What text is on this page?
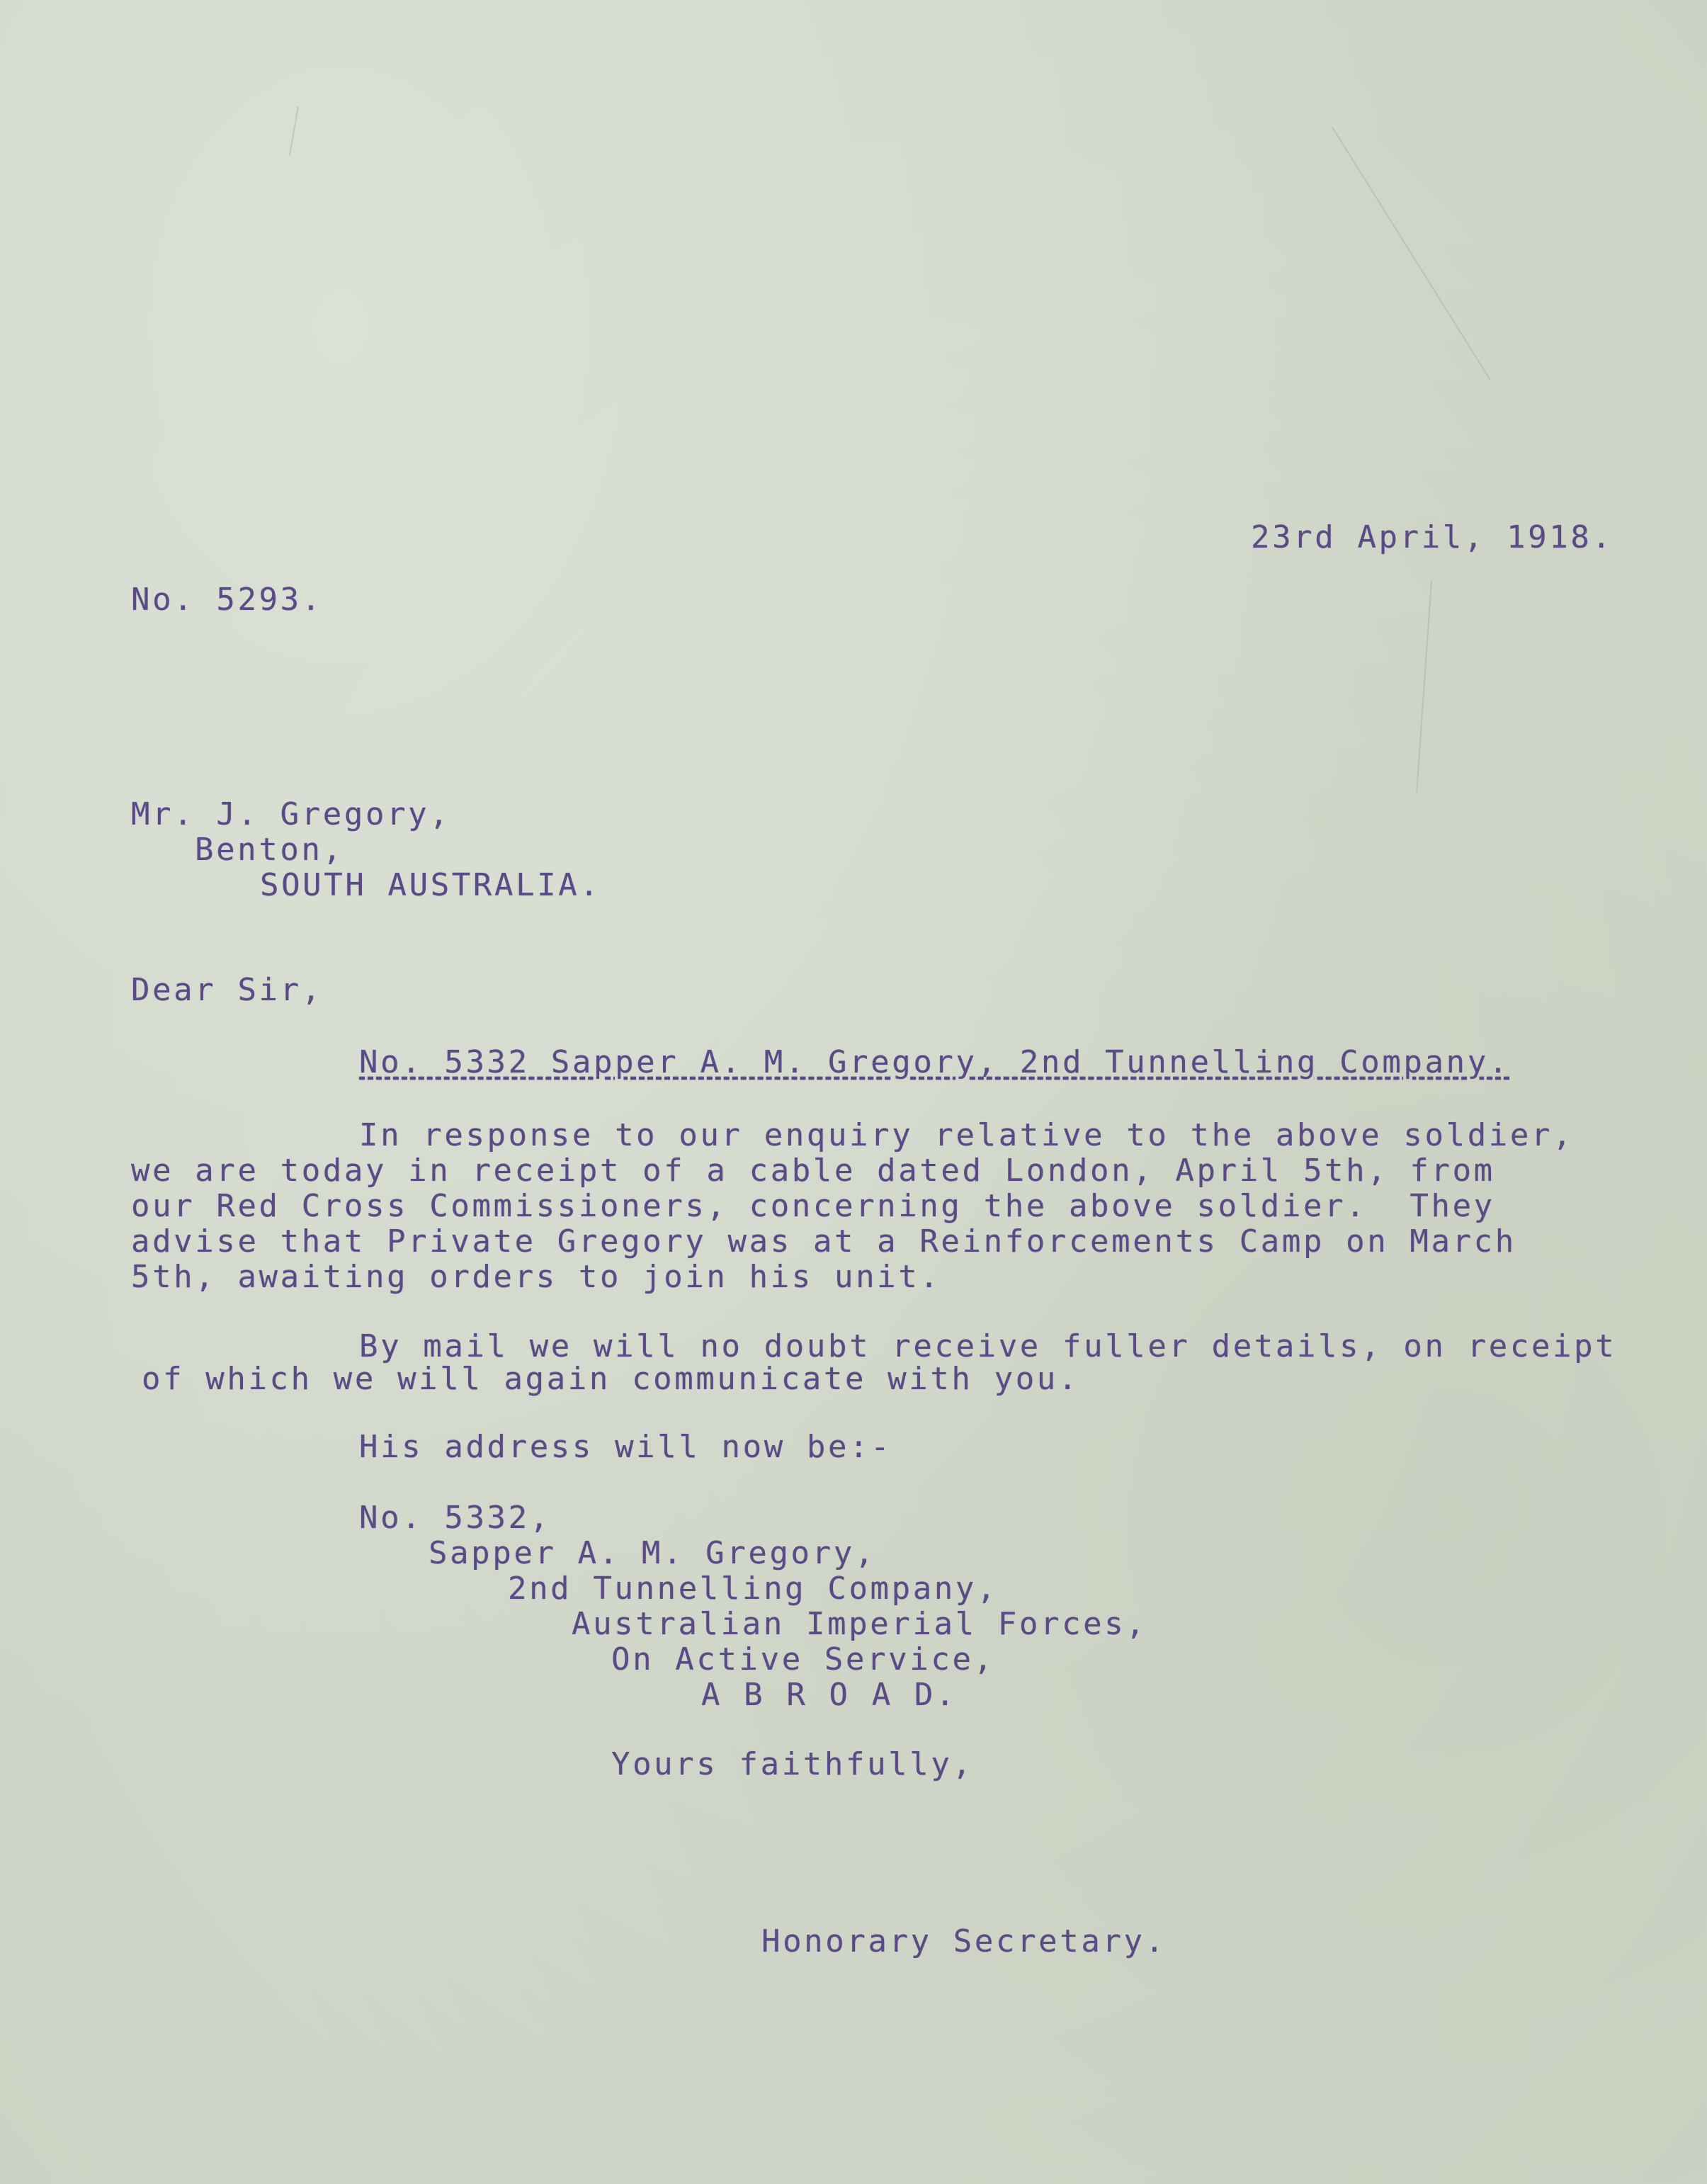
23rd April, 1918.
No. 5293.
Mr. J. Gregory,
Benton,
SOUTH AUSTRALIA.
Dear Sir,
No. 5332 Sapper A. M. Gregory, 2nd Tunnelling Company.
In response to our enquiry relative to the above soldier,
we are today in receipt of a cable dated London, April 5th, from
our Red Cross Commissioners, concerning the above soldier.  They
advise that Private Gregory was at a Reinforcements Camp on March
5th, awaiting orders to join his unit.
By mail we will no doubt receive fuller details, on receipt
of which we will again communicate with you.
His address will now be:-
No. 5332,
Sapper A. M. Gregory,
2nd Tunnelling Company,
Australian Imperial Forces,
On Active Service,
A B R O A D.
Yours faithfully,
Honorary Secretary.
